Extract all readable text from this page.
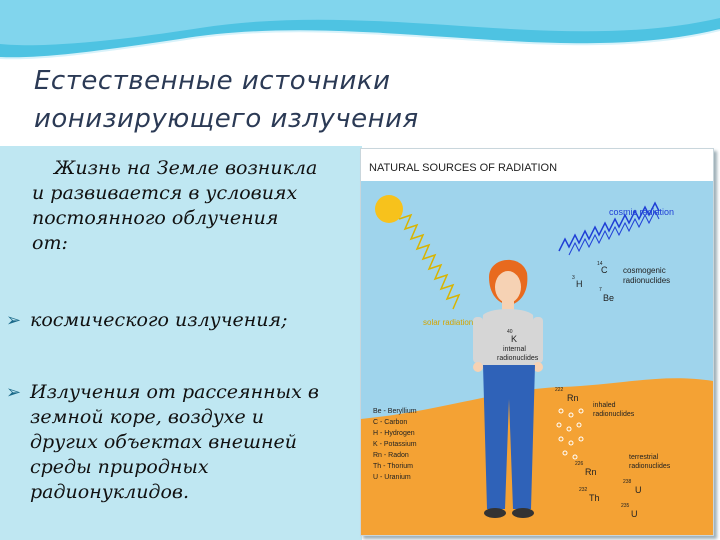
Естественные источники
ионизирующего излучения
Жизнь на Земле возникла
и развивается в условиях
постоянного облучения
от:
➢ космического излучения;
➢ Излучения от рассеянных в
земной коре, воздухе и
других объектах внешней
среды природных
радионуклидов.
NATURAL SOURCES OF RADIATION
solar radiation
cosmic radiation
14
C
3
H
7
Be
cosmogenic
radionuclides
40
K
internal
radionuclides
222
Rn
inhaled
radionuclides
Be - Beryllium
C - Carbon
H - Hydrogen
K - Potassium
Rn - Radon
Th - Thorium
U - Uranium
226
Rn
terrestrial
radionuclides
238
U
232
Th
235
U
